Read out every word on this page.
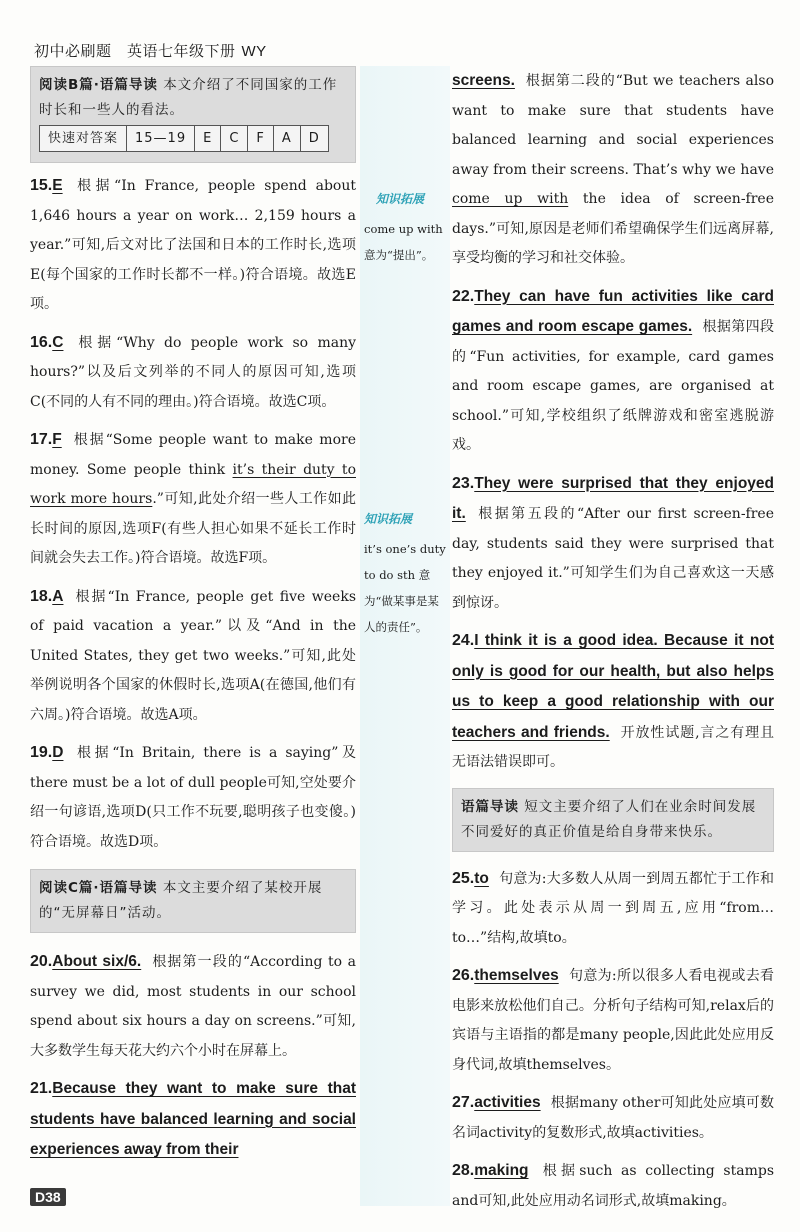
初中必刷题　英语七年级下册 WY
阅读B篇·语篇导读 本文介绍了不同国家的工作时长和一些人的看法。
快速对答案	15—19	E	C	F	A	D
15.E 根据“In France, people spend about 1,646 hours a year on work… 2,159 hours a year.”可知,后文对比了法国和日本的工作时长,选项E(每个国家的工作时长都不一样。)符合语境。故选E项。
16.C 根据“Why do people work so many hours?”以及后文列举的不同人的原因可知,选项C(不同的人有不同的理由。)符合语境。故选C项。
17.F 根据“Some people want to make more money. Some people think it’s their duty to work more hours.”可知,此处介绍一些人工作如此长时间的原因,选项F(有些人担心如果不延长工作时间就会失去工作。)符合语境。故选F项。
18.A 根据“In France, people get five weeks of paid vacation a year.”以及“And in the United States, they get two weeks.”可知,此处举例说明各个国家的休假时长,选项A(在德国,他们有六周。)符合语境。故选A项。
19.D 根据“In Britain, there is a saying”及there must be a lot of dull people可知,空处要介绍一句谚语,选项D(只工作不玩要,聪明孩子也变傻。)符合语境。故选D项。
阅读C篇·语篇导读 本文主要介绍了某校开展的“无屏幕日”活动。
20.About six/6. 根据第一段的“According to a survey we did, most students in our school spend about six hours a day on screens.”可知,大多数学生每天花大约六个小时在屏幕上。
21.Because they want to make sure that students have balanced learning and social experiences away from their
知识拓展
come up with 意为“提出”。
知识拓展
it’s one’s duty to do sth 意为“做某事是某人的责任”。
screens. 根据第二段的“But we teachers also want to make sure that students have balanced learning and social experiences away from their screens. That’s why we have come up with the idea of screen-free days.”可知,原因是老师们希望确保学生们远离屏幕,享受均衡的学习和社交体验。
22.They can have fun activities like card games and room escape games. 根据第四段的“Fun activities, for example, card games and room escape games, are organised at school.”可知,学校组织了纸牌游戏和密室逃脱游戏。
23.They were surprised that they enjoyed it. 根据第五段的“After our first screen-free day, students said they were surprised that they enjoyed it.”可知学生们为自己喜欢这一天感到惊讶。
24.I think it is a good idea. Because it not only is good for our health, but also helps us to keep a good relationship with our teachers and friends. 开放性试题,言之有理且无语法错误即可。
语篇导读 短文主要介绍了人们在业余时间发展不同爱好的真正价值是给自身带来快乐。
25.to 句意为:大多数人从周一到周五都忙于工作和学习。此处表示从周一到周五,应用“from… to…”结构,故填to。
26.themselves 句意为:所以很多人看电视或去看电影来放松他们自己。分析句子结构可知,relax后的宾语与主语指的都是many people,因此此处应用反身代词,故填themselves。
27.activities 根据many other可知此处应填可数名词activity的复数形式,故填activities。
28.making 根据such as collecting stamps and可知,此处应用动名词形式,故填making。
D38
